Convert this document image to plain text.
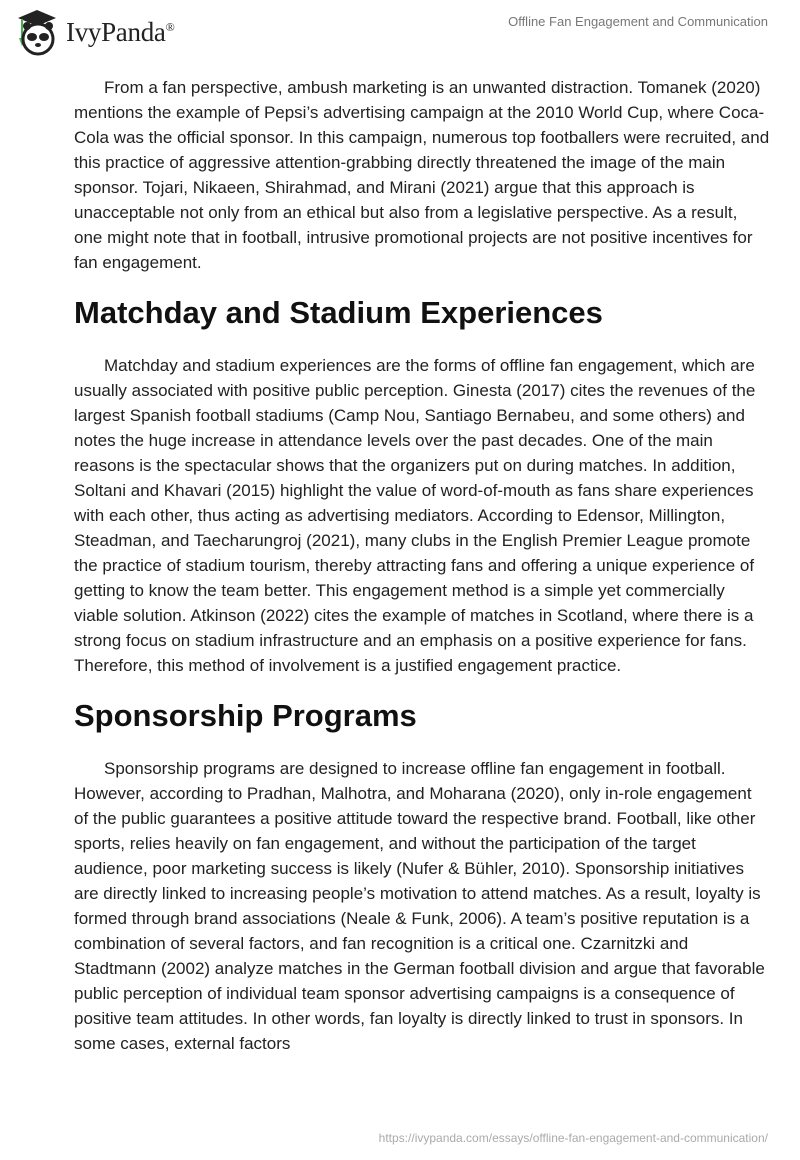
IvyPanda®	Offline Fan Engagement and Communication

From a fan perspective, ambush marketing is an unwanted distraction. Tomanek (2020) mentions the example of Pepsi’s advertising campaign at the 2010 World Cup, where Coca-Cola was the official sponsor. In this campaign, numerous top footballers were recruited, and this practice of aggressive attention-grabbing directly threatened the image of the main sponsor. Tojari, Nikaeen, Shirahmad, and Mirani (2021) argue that this approach is unacceptable not only from an ethical but also from a legislative perspective. As a result, one might note that in football, intrusive promotional projects are not positive incentives for fan engagement.

Matchday and Stadium Experiences

Matchday and stadium experiences are the forms of offline fan engagement, which are usually associated with positive public perception. Ginesta (2017) cites the revenues of the largest Spanish football stadiums (Camp Nou, Santiago Bernabeu, and some others) and notes the huge increase in attendance levels over the past decades. One of the main reasons is the spectacular shows that the organizers put on during matches. In addition, Soltani and Khavari (2015) highlight the value of word-of-mouth as fans share experiences with each other, thus acting as advertising mediators. According to Edensor, Millington, Steadman, and Taecharungroj (2021), many clubs in the English Premier League promote the practice of stadium tourism, thereby attracting fans and offering a unique experience of getting to know the team better. This engagement method is a simple yet commercially viable solution. Atkinson (2022) cites the example of matches in Scotland, where there is a strong focus on stadium infrastructure and an emphasis on a positive experience for fans. Therefore, this method of involvement is a justified engagement practice.

Sponsorship Programs

Sponsorship programs are designed to increase offline fan engagement in football. However, according to Pradhan, Malhotra, and Moharana (2020), only in-role engagement of the public guarantees a positive attitude toward the respective brand. Football, like other sports, relies heavily on fan engagement, and without the participation of the target audience, poor marketing success is likely (Nufer & Bühler, 2010). Sponsorship initiatives are directly linked to increasing people’s motivation to attend matches. As a result, loyalty is formed through brand associations (Neale & Funk, 2006). A team’s positive reputation is a combination of several factors, and fan recognition is a critical one. Czarnitzki and Stadtmann (2002) analyze matches in the German football division and argue that favorable public perception of individual team sponsor advertising campaigns is a consequence of positive team attitudes. In other words, fan loyalty is directly linked to trust in sponsors. In some cases, external factors

https://ivypanda.com/essays/offline-fan-engagement-and-communication/
